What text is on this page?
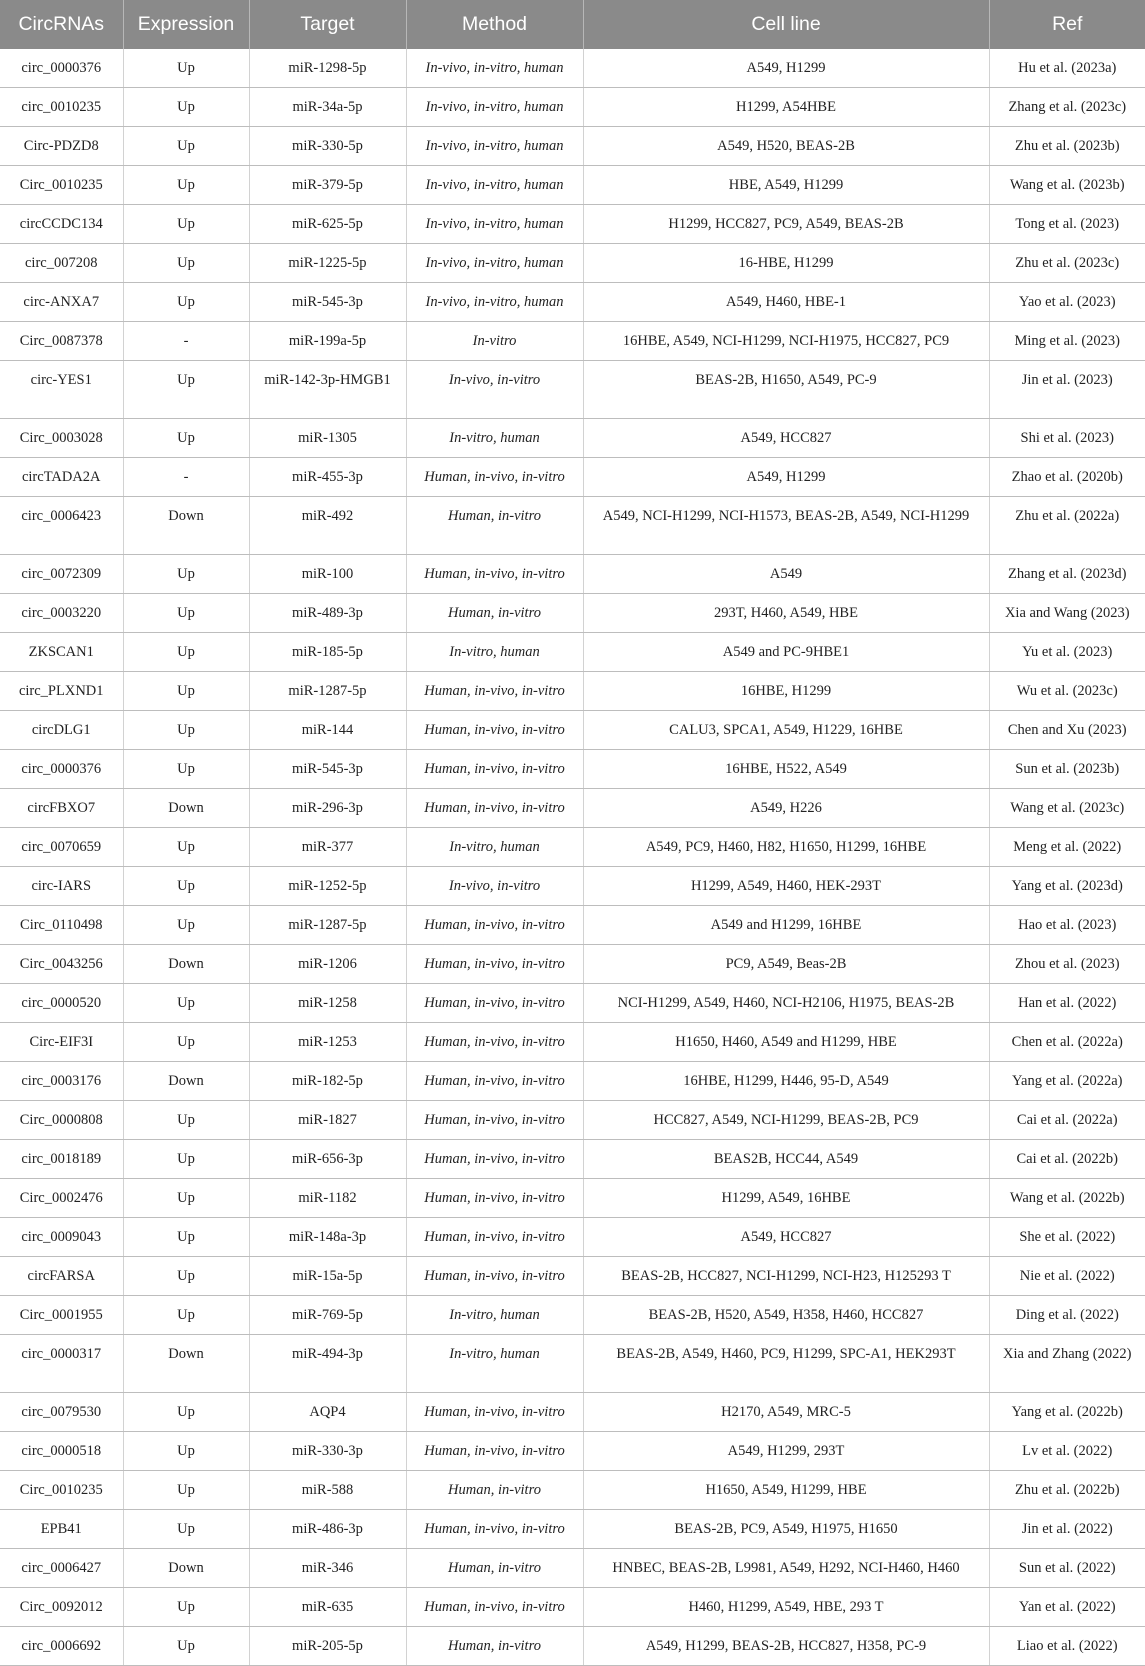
CircRNAs	Expression	Target	Method	Cell line	Ref
circ_0000376	Up	miR-1298-5p	In-vivo, in-vitro, human	A549, H1299	Hu et al. (2023a)
circ_0010235	Up	miR-34a-5p	In-vivo, in-vitro, human	H1299, A54HBE	Zhang et al. (2023c)
Circ-PDZD8	Up	miR-330-5p	In-vivo, in-vitro, human	A549, H520, BEAS-2B	Zhu et al. (2023b)
Circ_0010235	Up	miR-379-5p	In-vivo, in-vitro, human	HBE, A549, H1299	Wang et al. (2023b)
circCCDC134	Up	miR-625-5p	In-vivo, in-vitro, human	H1299, HCC827, PC9, A549, BEAS-2B	Tong et al. (2023)
circ_007208	Up	miR-1225-5p	In-vivo, in-vitro, human	16-HBE, H1299	Zhu et al. (2023c)
circ-ANXA7	Up	miR-545-3p	In-vivo, in-vitro, human	A549, H460, HBE-1	Yao et al. (2023)
Circ_0087378	-	miR-199a-5p	In-vitro	16HBE, A549, NCI-H1299, NCI-H1975, HCC827, PC9	Ming et al. (2023)
circ-YES1	Up	miR-142-3p-HMGB1	In-vivo, in-vitro	BEAS-2B, H1650, A549, PC-9	Jin et al. (2023)
Circ_0003028	Up	miR-1305	In-vitro, human	A549, HCC827	Shi et al. (2023)
circTADA2A	-	miR-455-3p	Human, in-vivo, in-vitro	A549, H1299	Zhao et al. (2020b)
circ_0006423	Down	miR-492	Human, in-vitro	A549, NCI-H1299, NCI-H1573, BEAS-2B, A549, NCI-H1299	Zhu et al. (2022a)
circ_0072309	Up	miR-100	Human, in-vivo, in-vitro	A549	Zhang et al. (2023d)
circ_0003220	Up	miR-489-3p	Human, in-vitro	293T, H460, A549, HBE	Xia and Wang (2023)
ZKSCAN1	Up	miR-185-5p	In-vitro, human	A549 and PC-9HBE1	Yu et al. (2023)
circ_PLXND1	Up	miR-1287-5p	Human, in-vivo, in-vitro	16HBE, H1299	Wu et al. (2023c)
circDLG1	Up	miR-144	Human, in-vivo, in-vitro	CALU3, SPCA1, A549, H1229, 16HBE	Chen and Xu (2023)
circ_0000376	Up	miR-545-3p	Human, in-vivo, in-vitro	16HBE, H522, A549	Sun et al. (2023b)
circFBXO7	Down	miR-296-3p	Human, in-vivo, in-vitro	A549, H226	Wang et al. (2023c)
circ_0070659	Up	miR-377	In-vitro, human	A549, PC9, H460, H82, H1650, H1299, 16HBE	Meng et al. (2022)
circ-IARS	Up	miR-1252-5p	In-vivo, in-vitro	H1299, A549, H460, HEK-293T	Yang et al. (2023d)
Circ_0110498	Up	miR-1287-5p	Human, in-vivo, in-vitro	A549 and H1299, 16HBE	Hao et al. (2023)
Circ_0043256	Down	miR-1206	Human, in-vivo, in-vitro	PC9, A549, Beas-2B	Zhou et al. (2023)
circ_0000520	Up	miR-1258	Human, in-vivo, in-vitro	NCI-H1299, A549, H460, NCI-H2106, H1975, BEAS-2B	Han et al. (2022)
Circ-EIF3I	Up	miR-1253	Human, in-vivo, in-vitro	H1650, H460, A549 and H1299, HBE	Chen et al. (2022a)
circ_0003176	Down	miR-182-5p	Human, in-vivo, in-vitro	16HBE, H1299, H446, 95-D, A549	Yang et al. (2022a)
Circ_0000808	Up	miR-1827	Human, in-vivo, in-vitro	HCC827, A549, NCI-H1299, BEAS-2B, PC9	Cai et al. (2022a)
circ_0018189	Up	miR-656-3p	Human, in-vivo, in-vitro	BEAS2B, HCC44, A549	Cai et al. (2022b)
Circ_0002476	Up	miR-1182	Human, in-vivo, in-vitro	H1299, A549, 16HBE	Wang et al. (2022b)
circ_0009043	Up	miR-148a-3p	Human, in-vivo, in-vitro	A549, HCC827	She et al. (2022)
circFARSA	Up	miR-15a-5p	Human, in-vivo, in-vitro	BEAS-2B, HCC827, NCI-H1299, NCI-H23, H125293 T	Nie et al. (2022)
Circ_0001955	Up	miR-769-5p	In-vitro, human	BEAS-2B, H520, A549, H358, H460, HCC827	Ding et al. (2022)
circ_0000317	Down	miR-494-3p	In-vitro, human	BEAS-2B, A549, H460, PC9, H1299, SPC-A1, HEK293T	Xia and Zhang (2022)
circ_0079530	Up	AQP4	Human, in-vivo, in-vitro	H2170, A549, MRC-5	Yang et al. (2022b)
circ_0000518	Up	miR-330-3p	Human, in-vivo, in-vitro	A549, H1299, 293T	Lv et al. (2022)
Circ_0010235	Up	miR-588	Human, in-vitro	H1650, A549, H1299, HBE	Zhu et al. (2022b)
EPB41	Up	miR-486-3p	Human, in-vivo, in-vitro	BEAS-2B, PC9, A549, H1975, H1650	Jin et al. (2022)
circ_0006427	Down	miR-346	Human, in-vitro	HNBEC, BEAS-2B, L9981, A549, H292, NCI-H460, H460	Sun et al. (2022)
Circ_0092012	Up	miR-635	Human, in-vivo, in-vitro	H460, H1299, A549, HBE, 293 T	Yan et al. (2022)
circ_0006692	Up	miR-205-5p	Human, in-vitro	A549, H1299, BEAS-2B, HCC827, H358, PC-9	Liao et al. (2022)
